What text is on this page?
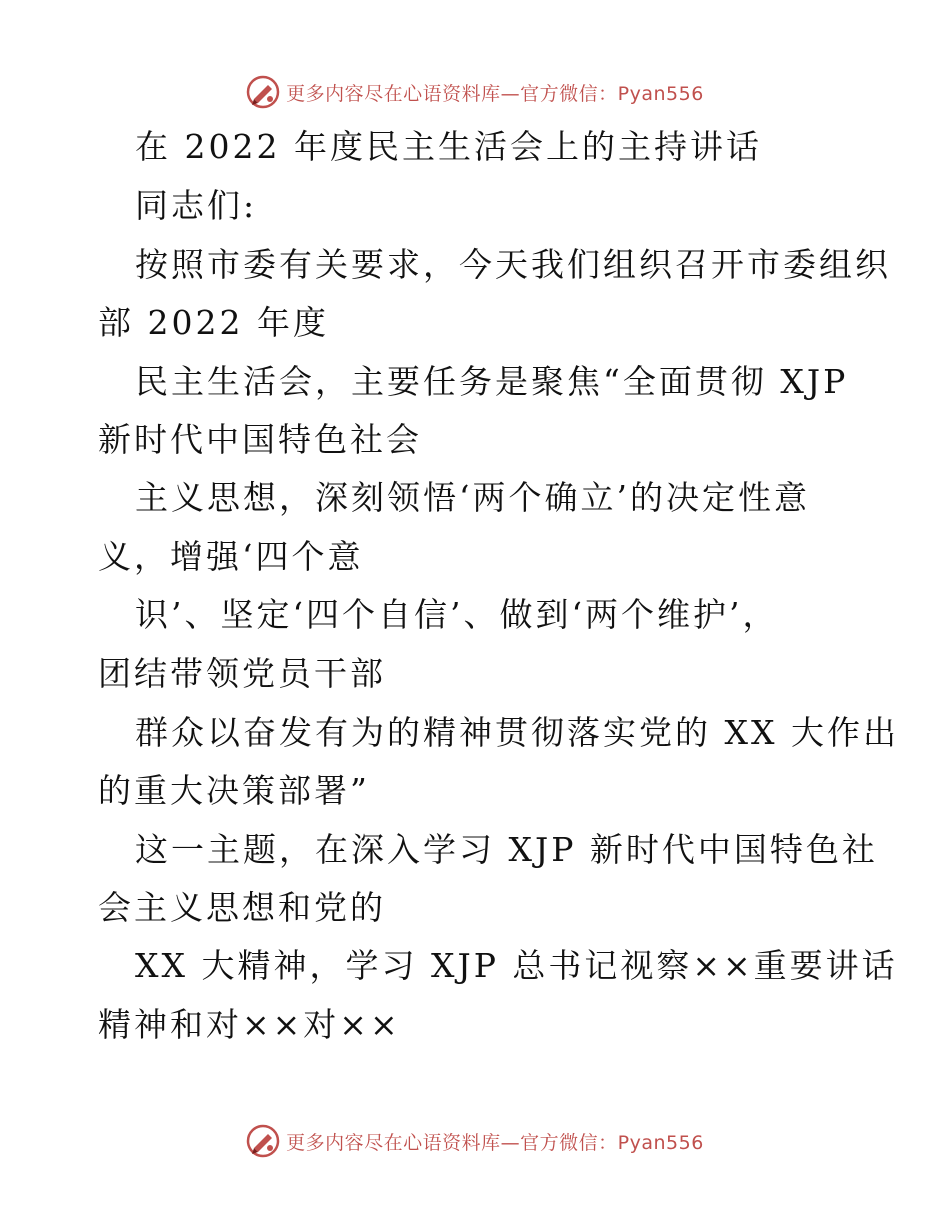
更多内容尽在心语资料库—官方微信：Pyan556
在 2022 年度民主生活会上的主持讲话
同志们:
按照市委有关要求，今天我们组织召开市委组织
部 2022 年度
民主生活会，主要任务是聚焦“全面贯彻 XJP
新时代中国特色社会
主义思想，深刻领悟‘两个确立’的决定性意
义，增强‘四个意
识’、坚定‘四个自信’、做到‘两个维护’，
团结带领党员干部
群众以奋发有为的精神贯彻落实党的 XX 大作出
的重大决策部署”
这一主题，在深入学习 XJP 新时代中国特色社
会主义思想和党的
XX 大精神，学习 XJP 总书记视察××重要讲话
精神和对××对××
更多内容尽在心语资料库—官方微信：Pyan556
